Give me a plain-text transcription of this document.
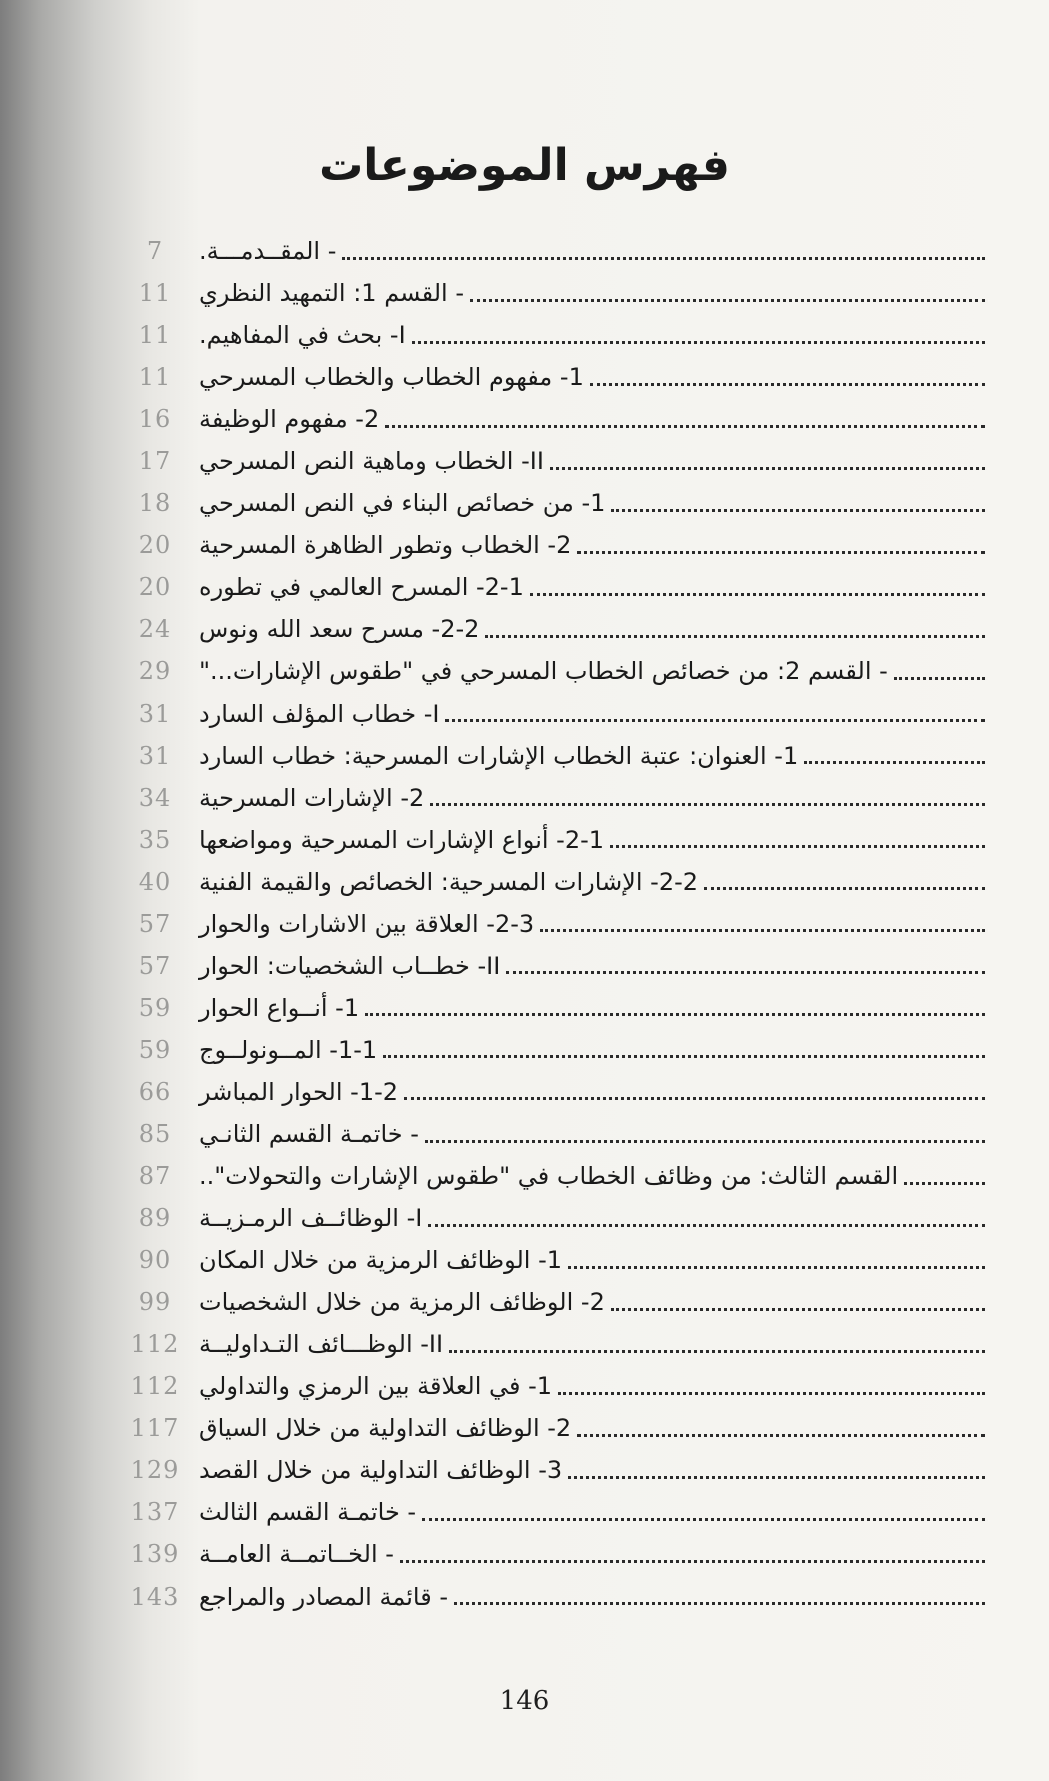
فهرس الموضوعات
7	- المقــدمـــة.
11	- القسم 1: التمهيد النظري
11	I- بحث في المفاهيم.
11	1- مفهوم الخطاب والخطاب المسرحي
16	2- مفهوم الوظيفة
17	II- الخطاب وماهية النص المسرحي
18	1- من خصائص البناء في النص المسرحي
20	2- الخطاب وتطور الظاهرة المسرحية
20	2-1- المسرح العالمي في تطوره
24	2-2- مسرح سعد الله ونوس
29	- القسم 2: من خصائص الخطاب المسرحي في "طقوس الإشارات..."
31	I- خطاب المؤلف السارد
31	1- العنوان: عتبة الخطاب الإشارات المسرحية: خطاب السارد
34	2- الإشارات المسرحية
35	2-1- أنواع الإشارات المسرحية ومواضعها
40	2-2- الإشارات المسرحية: الخصائص والقيمة الفنية
57	2-3- العلاقة بين الاشارات والحوار
57	II- خطــاب الشخصيات: الحوار
59	1- أنــواع الحوار
59	1-1- المــونولــوج
66	1-2- الحوار المباشر
85	- خاتمـة القسم الثانـي
87	القسم الثالث: من وظائف الخطاب في "طقوس الإشارات والتحولات"..
89	I- الوظائــف الرمـزيــة
90	1- الوظائف الرمزية من خلال المكان
99	2- الوظائف الرمزية من خلال الشخصيات
112 II- الوظـــائف التـداوليــة
112 1- في العلاقة بين الرمزي والتداولي
117 2- الوظائف التداولية من خلال السياق
129 3- الوظائف التداولية من خلال القصد
137 - خاتمـة القسم الثالث
139 - الخــاتمــة العامــة
143 - قائمة المصادر والمراجع
146
